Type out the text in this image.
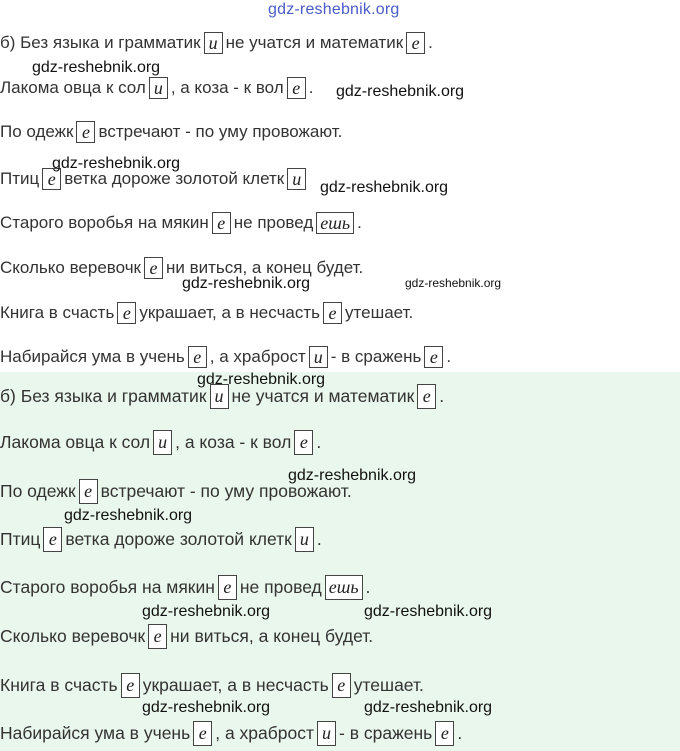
gdz-reshebnik.org
б) Без языка и грамматик и не учатся и математик е .
Лакома овца к сол и , а коза - к вол е .
По одежк е встречают - по уму провожают.
Птиц е ветка дороже золотой клетк и
Старого воробья на мякин е не провед ешь .
Сколько веревочк е ни виться, а конец будет.
Книга в счасть е украшает, а в несчасть е утешает.
Набирайся ума в учень е , а храброст и - в сражень е .
б) Без языка и грамматик и не учатся и математик е .
Лакома овца к сол и , а коза - к вол е .
По одежк е встречают - по уму провожают.
Птиц е ветка дороже золотой клетк и .
Старого воробья на мякин е не провед ешь .
Сколько веревочк е ни виться, а конец будет.
Книга в счасть е украшает, а в несчасть е утешает.
Набирайся ума в учень е , а храброст и - в сражень е .
gdz-reshebnik.org
gdz-reshebnik.org
gdz-reshebnik.org
gdz-reshebnik.org
gdz-reshebnik.org	gdz-reshebnik.org
gdz-reshebnik.org
gdz-reshebnik.org
gdz-reshebnik.org
gdz-reshebnik.org	gdz-reshebnik.org
gdz-reshebnik.org	gdz-reshebnik.org
